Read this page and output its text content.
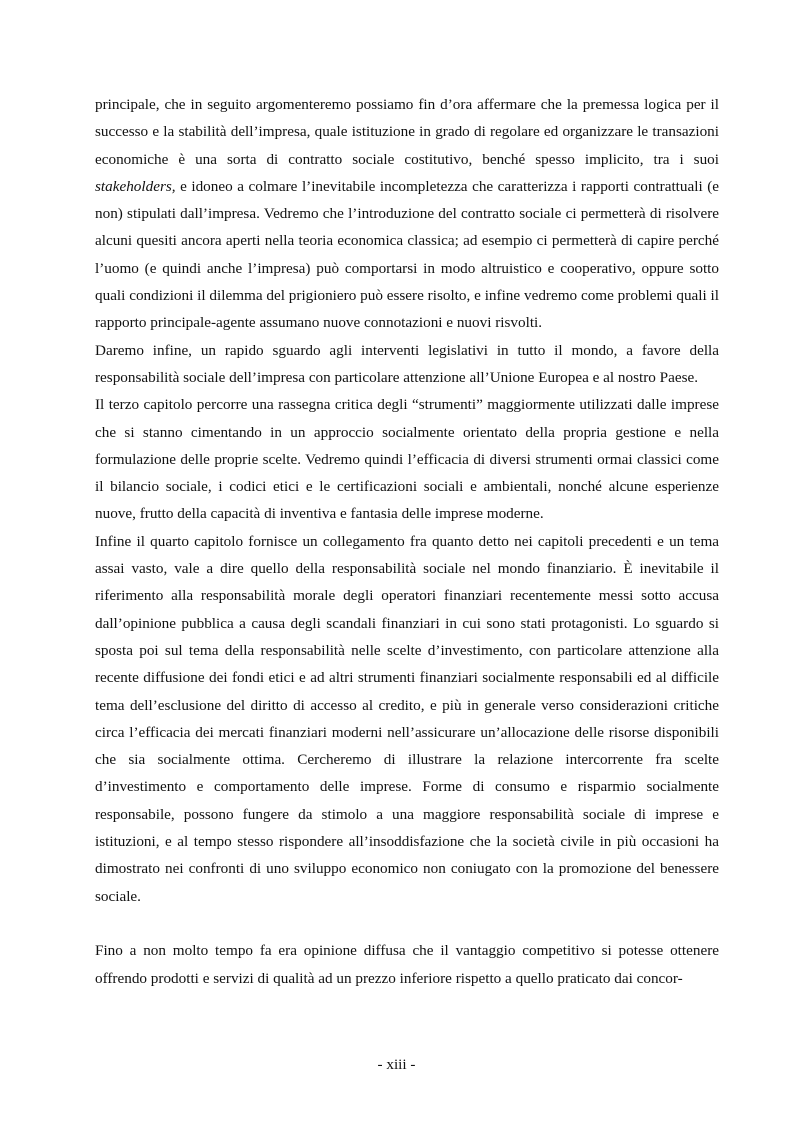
principale, che in seguito argomenteremo possiamo fin d’ora affermare che la premessa logica per il successo e la stabilità dell’impresa, quale istituzione in grado di regolare ed organizzare le transazioni economiche è una sorta di contratto sociale costitutivo, benché spesso implicito, tra i suoi stakeholders, e idoneo a colmare l’inevitabile incompletezza che caratterizza i rapporti contrattuali (e non) stipulati dall’impresa. Vedremo che l’introduzione del contratto sociale ci permetterà di risolvere alcuni quesiti ancora aperti nella teoria economica classica; ad esempio ci permetterà di capire perché l’uomo (e quindi anche l’impresa) può comportarsi in modo altruistico e cooperativo, oppure sotto quali condizioni il dilemma del prigioniero può essere risolto, e infine vedremo come problemi quali il rapporto principale-agente assumano nuove connotazioni e nuovi risvolti.

Daremo infine, un rapido sguardo agli interventi legislativi in tutto il mondo, a favore della responsabilità sociale dell’impresa con particolare attenzione all’Unione Europea e al nostro Paese.

Il terzo capitolo percorre una rassegna critica degli “strumenti” maggiormente utilizzati dalle imprese che si stanno cimentando in un approccio socialmente orientato della propria gestione e nella formulazione delle proprie scelte. Vedremo quindi l’efficacia di diversi strumenti ormai classici come il bilancio sociale, i codici etici e le certificazioni sociali e ambientali, nonché alcune esperienze nuove, frutto della capacità di inventiva e fantasia delle imprese moderne.

Infine il quarto capitolo fornisce un collegamento fra quanto detto nei capitoli precedenti e un tema assai vasto, vale a dire quello della responsabilità sociale nel mondo finanziario. È inevitabile il riferimento alla responsabilità morale degli operatori finanziari recentemente messi sotto accusa dall’opinione pubblica a causa degli scandali finanziari in cui sono stati protagonisti. Lo sguardo si sposta poi sul tema della responsabilità nelle scelte d’investimento, con particolare attenzione alla recente diffusione dei fondi etici e ad altri strumenti finanziari socialmente responsabili ed al difficile tema dell’esclusione del diritto di accesso al credito, e più in generale verso considerazioni critiche circa l’efficacia dei mercati finanziari moderni nell’assicurare un’allocazione delle risorse disponibili che sia socialmente ottima. Cercheremo di illustrare la relazione intercorrente fra scelte d’investimento e comportamento delle imprese. Forme di consumo e risparmio socialmente responsabile, possono fungere da stimolo a una maggiore responsabilità sociale di imprese e istituzioni, e al tempo stesso rispondere all’insoddisfazione che la società civile in più occasioni ha dimostrato nei confronti di uno sviluppo economico non coniugato con la promozione del benessere sociale.

Fino a non molto tempo fa era opinione diffusa che il vantaggio competitivo si potesse ottenere offrendo prodotti e servizi di qualità ad un prezzo inferiore rispetto a quello praticato dai concor-

- xiii -
